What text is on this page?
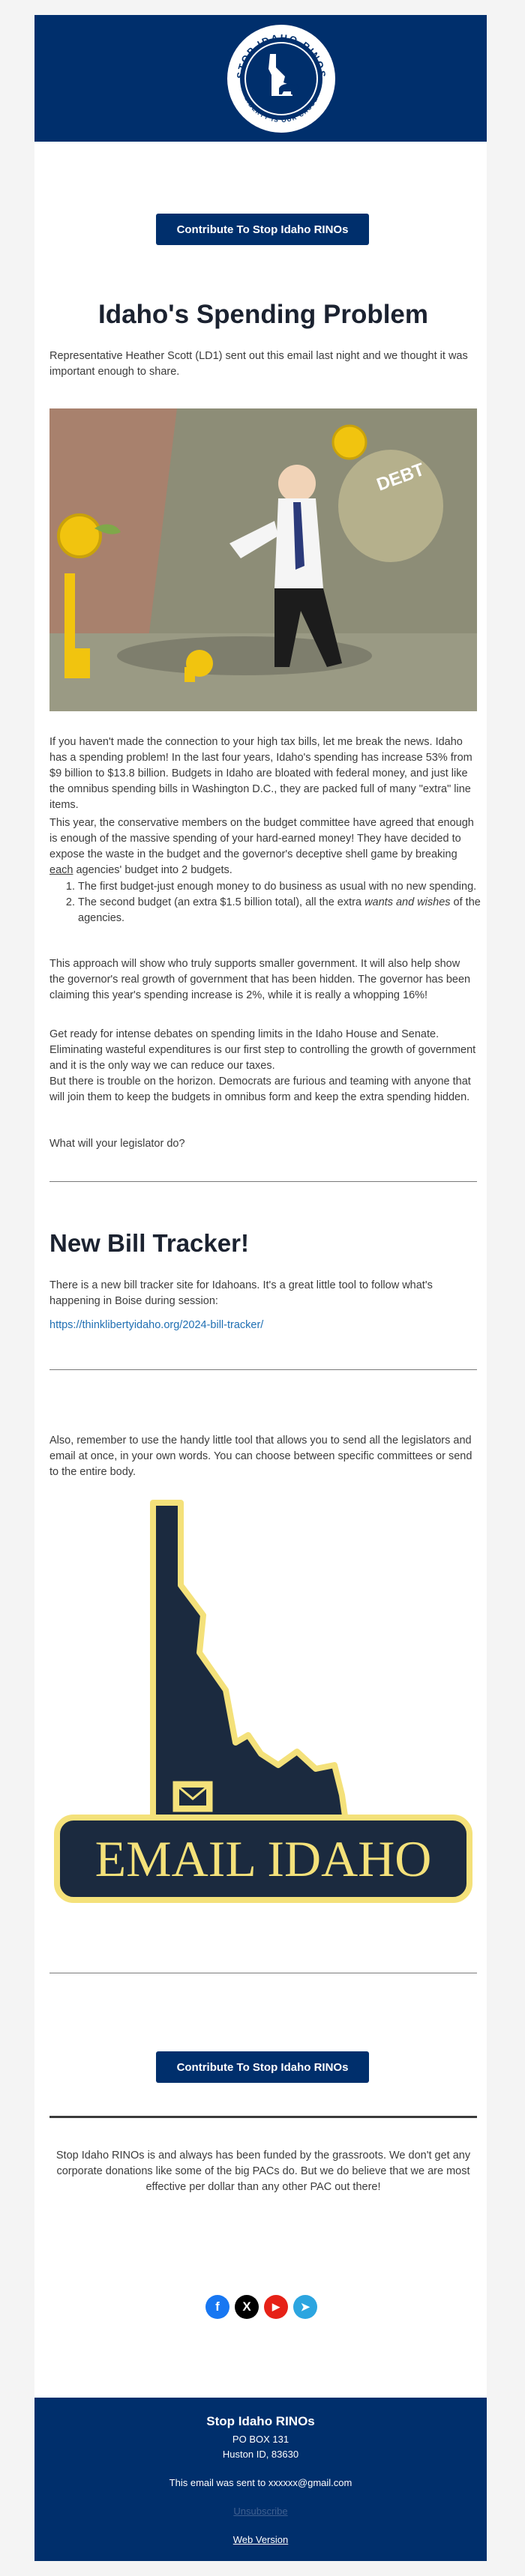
STOP IDAHO RINOS
LIBERTY IS OUR CAUSE
Contribute To Stop Idaho RINOs
Idaho's Spending Problem

Representative Heather Scott (LD1) sent out this email last night and we thought it was important enough to share.

DEBT

If you haven't made the connection to your high tax bills, let me break the news. Idaho has a spending problem! In the last four years, Idaho's spending has increase 53% from $9 billion to $13.8 billion. Budgets in Idaho are bloated with federal money, and just like the omnibus spending bills in Washington D.C., they are packed full of many "extra" line items.

This year, the conservative members on the budget committee have agreed that enough is enough of the massive spending of your hard-earned money! They have decided to expose the waste in the budget and the governor's deceptive shell game by breaking each agencies' budget into 2 budgets.

1. The first budget-just enough money to do business as usual with no new spending.
2. The second budget (an extra $1.5 billion total), all the extra wants and wishes of the agencies.

This approach will show who truly supports smaller government. It will also help show the governor's real growth of government that has been hidden. The governor has been claiming this year's spending increase is 2%, while it is really a whopping 16%!

Get ready for intense debates on spending limits in the Idaho House and Senate. Eliminating wasteful expenditures is our first step to controlling the growth of government and it is the only way we can reduce our taxes.

But there is trouble on the horizon. Democrats are furious and teaming with anyone that will join them to keep the budgets in omnibus form and keep the extra spending hidden.

What will your legislator do?

New Bill Tracker!

There is a new bill tracker site for Idahoans. It's a great little tool to follow what's happening in Boise during session:

https://thinklibertyidaho.org/2024-bill-tracker/

Also, remember to use the handy little tool that allows you to send all the legislators and email at once, in your own words. You can choose between specific committees or send to the entire body.

EMAIL IDAHO
Contribute To Stop Idaho RINOs

Stop Idaho RINOs is and always has been funded by the grassroots. We don't get any corporate donations like some of the big PACs do. But we do believe that we are most effective per dollar than any other PAC out there!

f	X	▶	➤
Stop Idaho RINOs
PO BOX 131
Huston ID, 83630
This email was sent to xxxxxx@gmail.com
Unsubscribe
Web Version
